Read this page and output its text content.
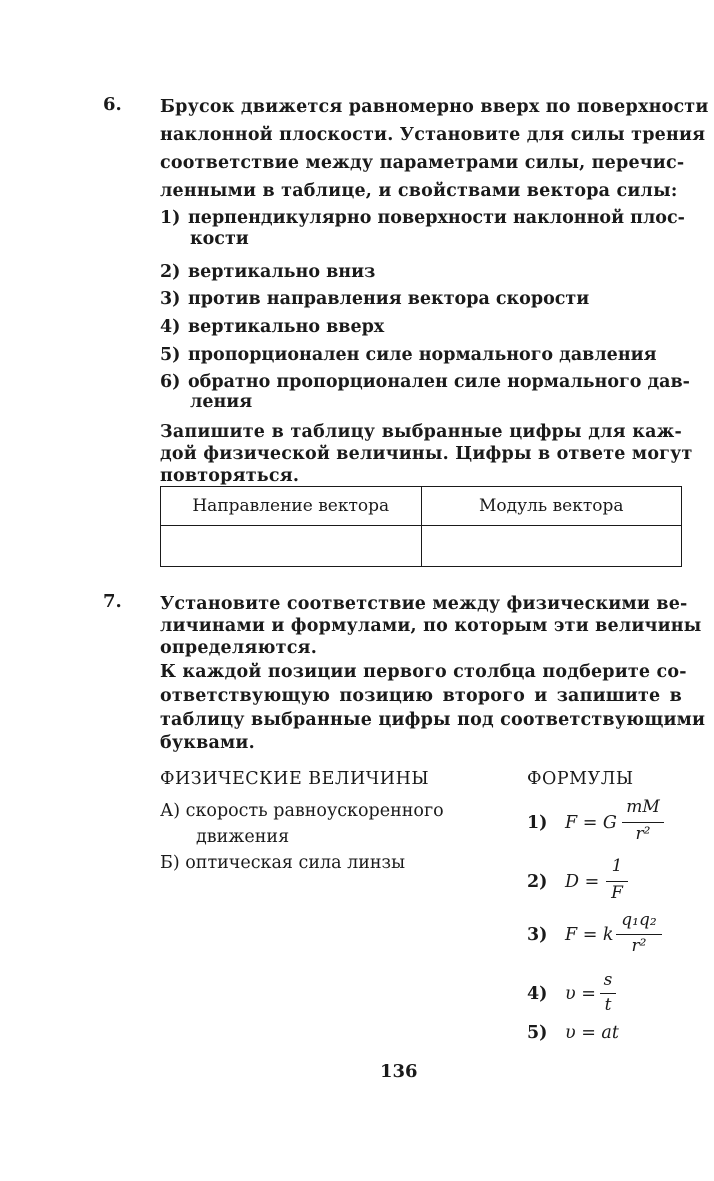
6. Брусок движется равномерно вверх по поверхности
наклонной плоскости. Установите для силы трения
соответствие между параметрами силы, перечис-
ленными в таблице, и свойствами вектора силы:
1) перпендикулярно поверхности наклонной плос-
кости
2) вертикально вниз
3) против направления вектора скорости
4) вертикально вверх
5) пропорционален силе нормального давления
6) обратно пропорционален силе нормального дав-
ления
Запишите в таблицу выбранные цифры для каж-
дой физической величины. Цифры в ответе могут
повторяться.
Направление вектора	Модуль вектора

7. Установите соответствие между физическими ве-
личинами и формулами, по которым эти величины
определяются.
К каждой позиции первого столбца подберите со-
ответствующую позицию второго и запишите в
таблицу выбранные цифры под соответствующими
буквами.
ФИЗИЧЕСКИЕ ВЕЛИЧИНЫ	ФОРМУЛЫ
А) скорость равноускоренного
движения
Б) оптическая сила линзы
1) F = G
mM
r²
2) D =
1
F
3) F = k
q₁q₂
r²
4) υ =
s
t
5) υ = at
136
